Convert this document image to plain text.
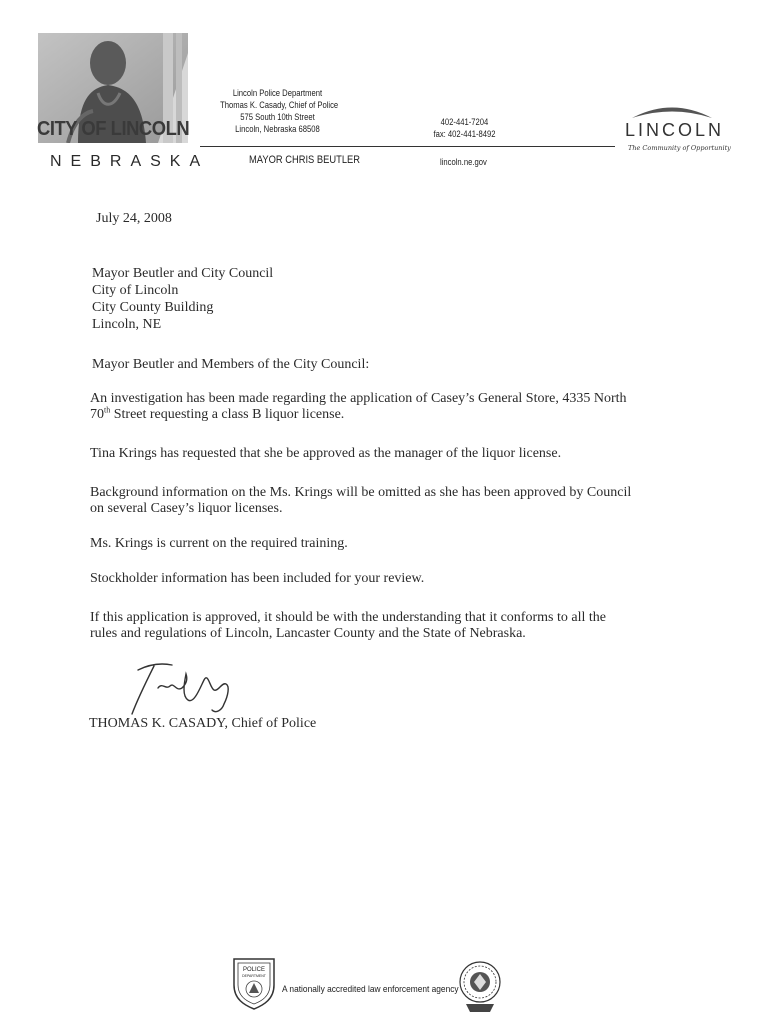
CITY OF LINCOLN
NEBRASKA
Lincoln Police Department
Thomas K. Casady, Chief of Police
575 South 10th Street
Lincoln, Nebraska 68508
402-441-7204
fax: 402-441-8492
MAYOR CHRIS BEUTLER	lincoln.ne.gov
LINCOLN
The Community of Opportunity
July 24, 2008
Mayor Beutler and City Council
City of Lincoln
City County Building
Lincoln, NE
Mayor Beutler and Members of the City Council:
An investigation has been made regarding the application of Casey’s General Store, 4335 North
70th Street requesting a class B liquor license.
Tina Krings has requested that she be approved as the manager of the liquor license.
Background information on the Ms. Krings will be omitted as she has been approved by Council
on several Casey’s liquor licenses.
Ms. Krings is current on the required training.
Stockholder information has been included for your review.
If this application is approved, it should be with the understanding that it conforms to all the
rules and regulations of Lincoln, Lancaster County and the State of Nebraska.
THOMAS K. CASADY, Chief of Police
POLICE
DEPARTMENT
A nationally accredited law enforcement agency
